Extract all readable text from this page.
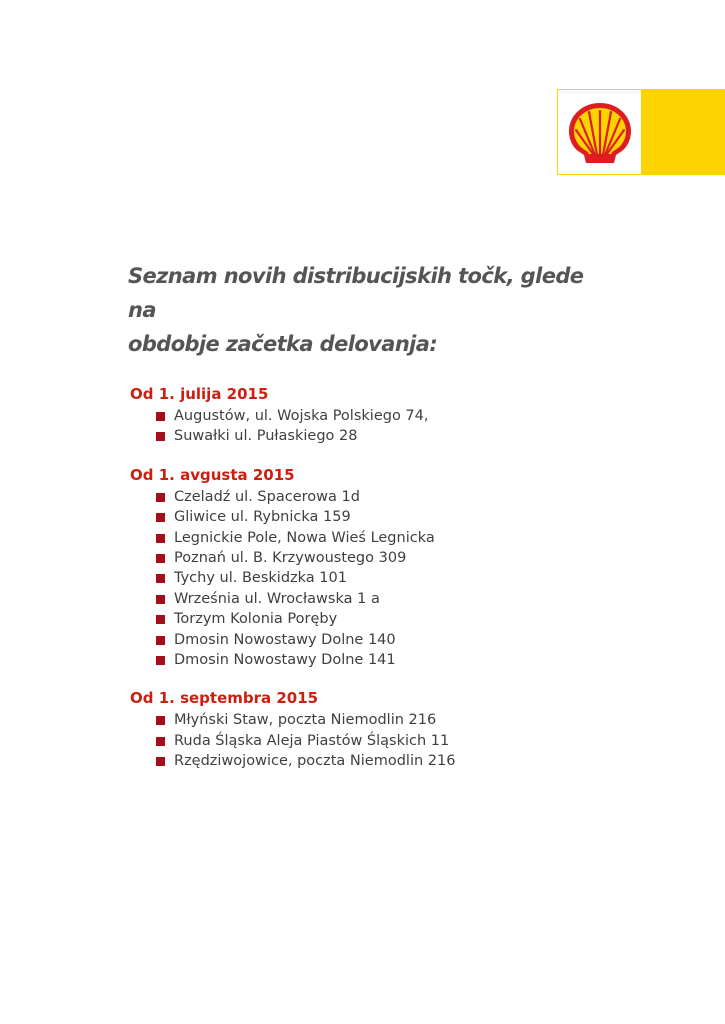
Seznam novih distribucijskih točk, glede na
obdobje začetka delovanja:
Od 1. julija 2015
Augustów, ul. Wojska Polskiego 74,
Suwałki ul. Pułaskiego 28
Od 1. avgusta 2015
Czeladź ul. Spacerowa 1d
Gliwice ul. Rybnicka 159
Legnickie Pole, Nowa Wieś Legnicka
Poznań ul. B. Krzywoustego 309
Tychy ul. Beskidzka 101
Września ul. Wrocławska 1 a
Torzym Kolonia Poręby
Dmosin Nowostawy Dolne 140
Dmosin Nowostawy Dolne 141
Od 1. septembra 2015
Młyński Staw, poczta Niemodlin 216
Ruda Śląska Aleja Piastów Śląskich 11
Rzędziwojowice, poczta Niemodlin 216
